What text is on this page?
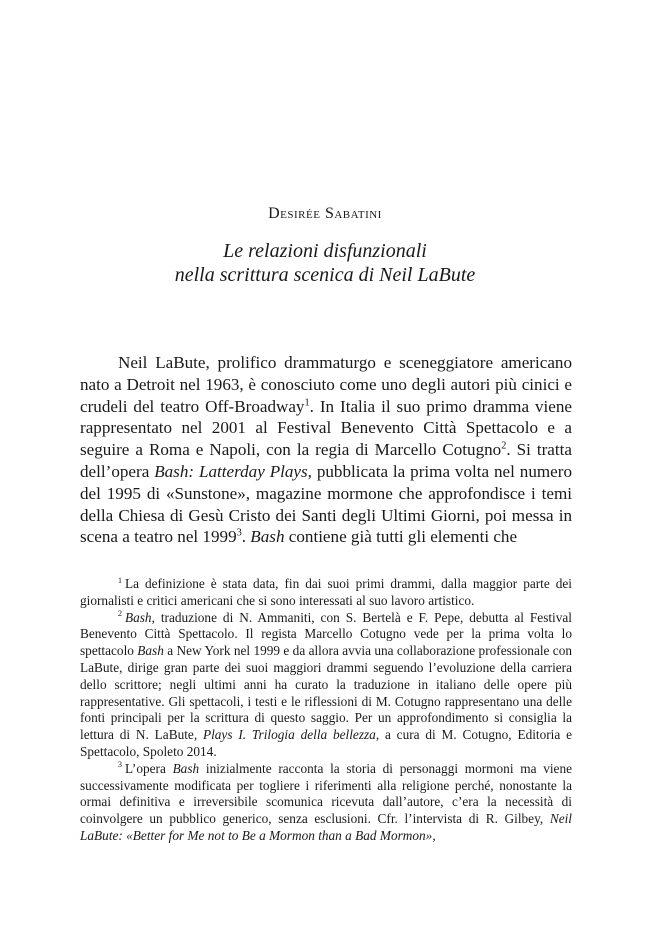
Desirée Sabatini
Le relazioni disfunzionali
nella scrittura scenica di Neil LaBute

Neil LaBute, prolifico drammaturgo e sceneggiatore americano nato a Detroit nel 1963, è conosciuto come uno degli autori più cinici e crudeli del teatro Off-Broadway$^1$. In Italia il suo primo dramma viene rappresentato nel 2001 al Festival Benevento Città Spettacolo e a seguire a Roma e Napoli, con la regia di Marcello Cotugno$^2$. Si tratta dell’opera Bash: Latterday Plays, pubblicata la prima volta nel numero del 1995 di «Sunstone», magazine mormone che approfondisce i temi della Chiesa di Gesù Cristo dei Santi degli Ultimi Giorni, poi messa in scena a teatro nel 1999$^3$. Bash contiene già tutti gli elementi che

$^1$ La definizione è stata data, fin dai suoi primi drammi, dalla maggior parte dei giornalisti e critici americani che si sono interessati al suo lavoro artistico.

$^2$ Bash, traduzione di N. Ammaniti, con S. Bertelà e F. Pepe, debutta al Festival Benevento Città Spettacolo. Il regista Marcello Cotugno vede per la prima volta lo spettacolo Bash a New York nel 1999 e da allora avvia una collaborazione professionale con LaBute, dirige gran parte dei suoi maggiori drammi seguendo l’evoluzione della carriera dello scrittore; negli ultimi anni ha curato la traduzione in italiano delle opere più rappresentative. Gli spettacoli, i testi e le riflessioni di M. Cotugno rappresentano una delle fonti principali per la scrittura di questo saggio. Per un approfondimento si consiglia la lettura di N. LaBute, Plays I. Trilogia della bellezza, a cura di M. Cotugno, Editoria e Spettacolo, Spoleto 2014.

$^3$ L’opera Bash inizialmente racconta la storia di personaggi mormoni ma viene successivamente modificata per togliere i riferimenti alla religione perché, nonostante la ormai definitiva e irreversibile scomunica ricevuta dall’autore, c’era la necessità di coinvolgere un pubblico generico, senza esclusioni. Cfr. l’intervista di R. Gilbey, Neil LaBute: «Better for Me not to Be a Mormon than a Bad Mormon»,
